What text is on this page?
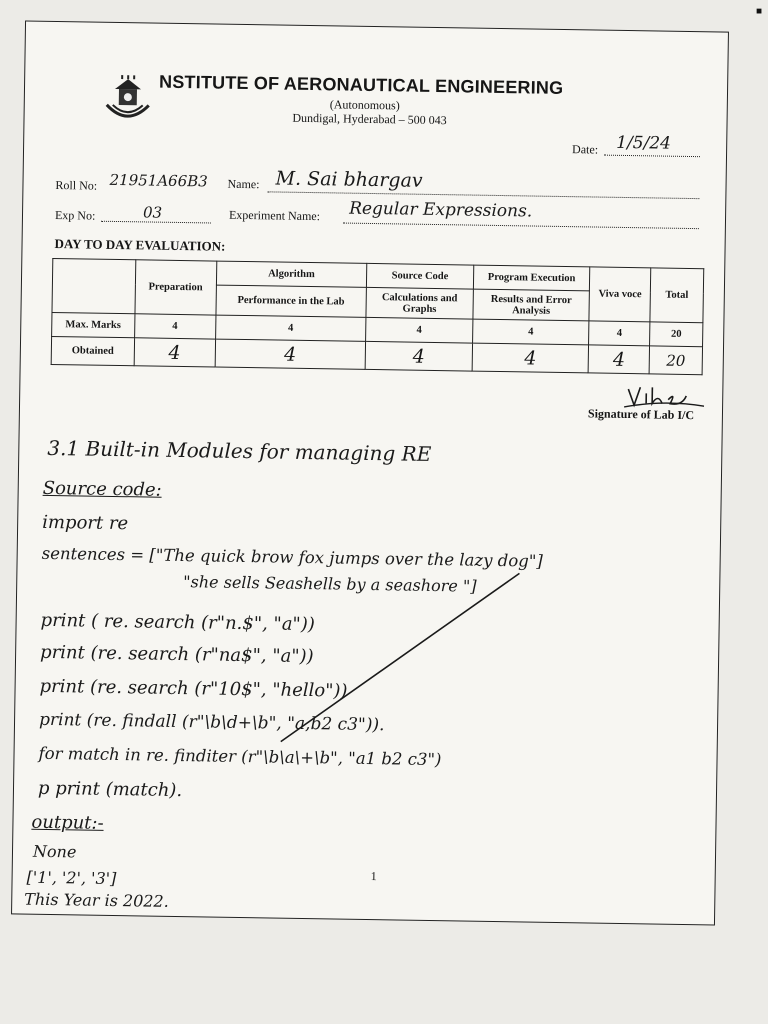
​
NSTITUTE OF AERONAUTICAL ENGINEERING
(Autonomous)
Dundigal, Hyderabad – 500 043
Date: 1/5/24
Roll No: 21951A66B3 Name: M. Sai bhargav
Exp No:	03	Experiment Name: Regular Expressions.
DAY TO DAY EVALUATION:
	Preparation	Algorithm	Source Code	Program Execution	Viva voce	Total
		Performance in the Lab	Calculations and Graphs	Results and Error Analysis		
Max. Marks	4	4	4	4	4	20
Obtained	4	4	4	4	4	20
Signature of Lab I/C
3.1 Built-in Modules for managing RE
Source code:
import re
sentences = ["The quick brow fox jumps over the lazy dog"]
"she sells Seashells by a seashore "]
print ( re. search (r"n.$", "a"))
print (re. search (r"na$", "a"))
print (re. search (r"10$", "hello"))
print (re. findall (r"\b\d+\b", "a,b2 c3")).
for match in re. finditer (r"\b\a\+\b", "a1 b2 c3")
p print (match).
output:-
None
['1', '2', '3']
This Year is 2022.
1
■
